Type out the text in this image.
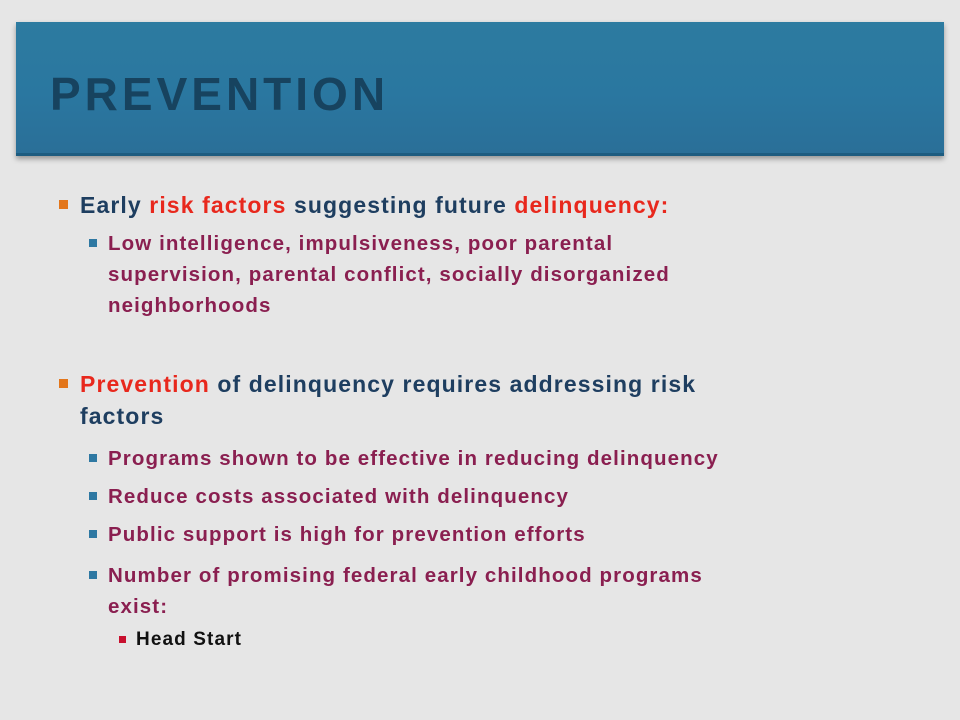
PREVENTION
Early risk factors suggesting future delinquency:
Low intelligence, impulsiveness, poor parental
supervision, parental conflict, socially disorganized
neighborhoods
Prevention of delinquency requires addressing risk
factors
Programs shown to be effective in reducing delinquency
Reduce costs associated with delinquency
Public support is high for prevention efforts
Number of promising federal early childhood programs
exist:
Head Start
